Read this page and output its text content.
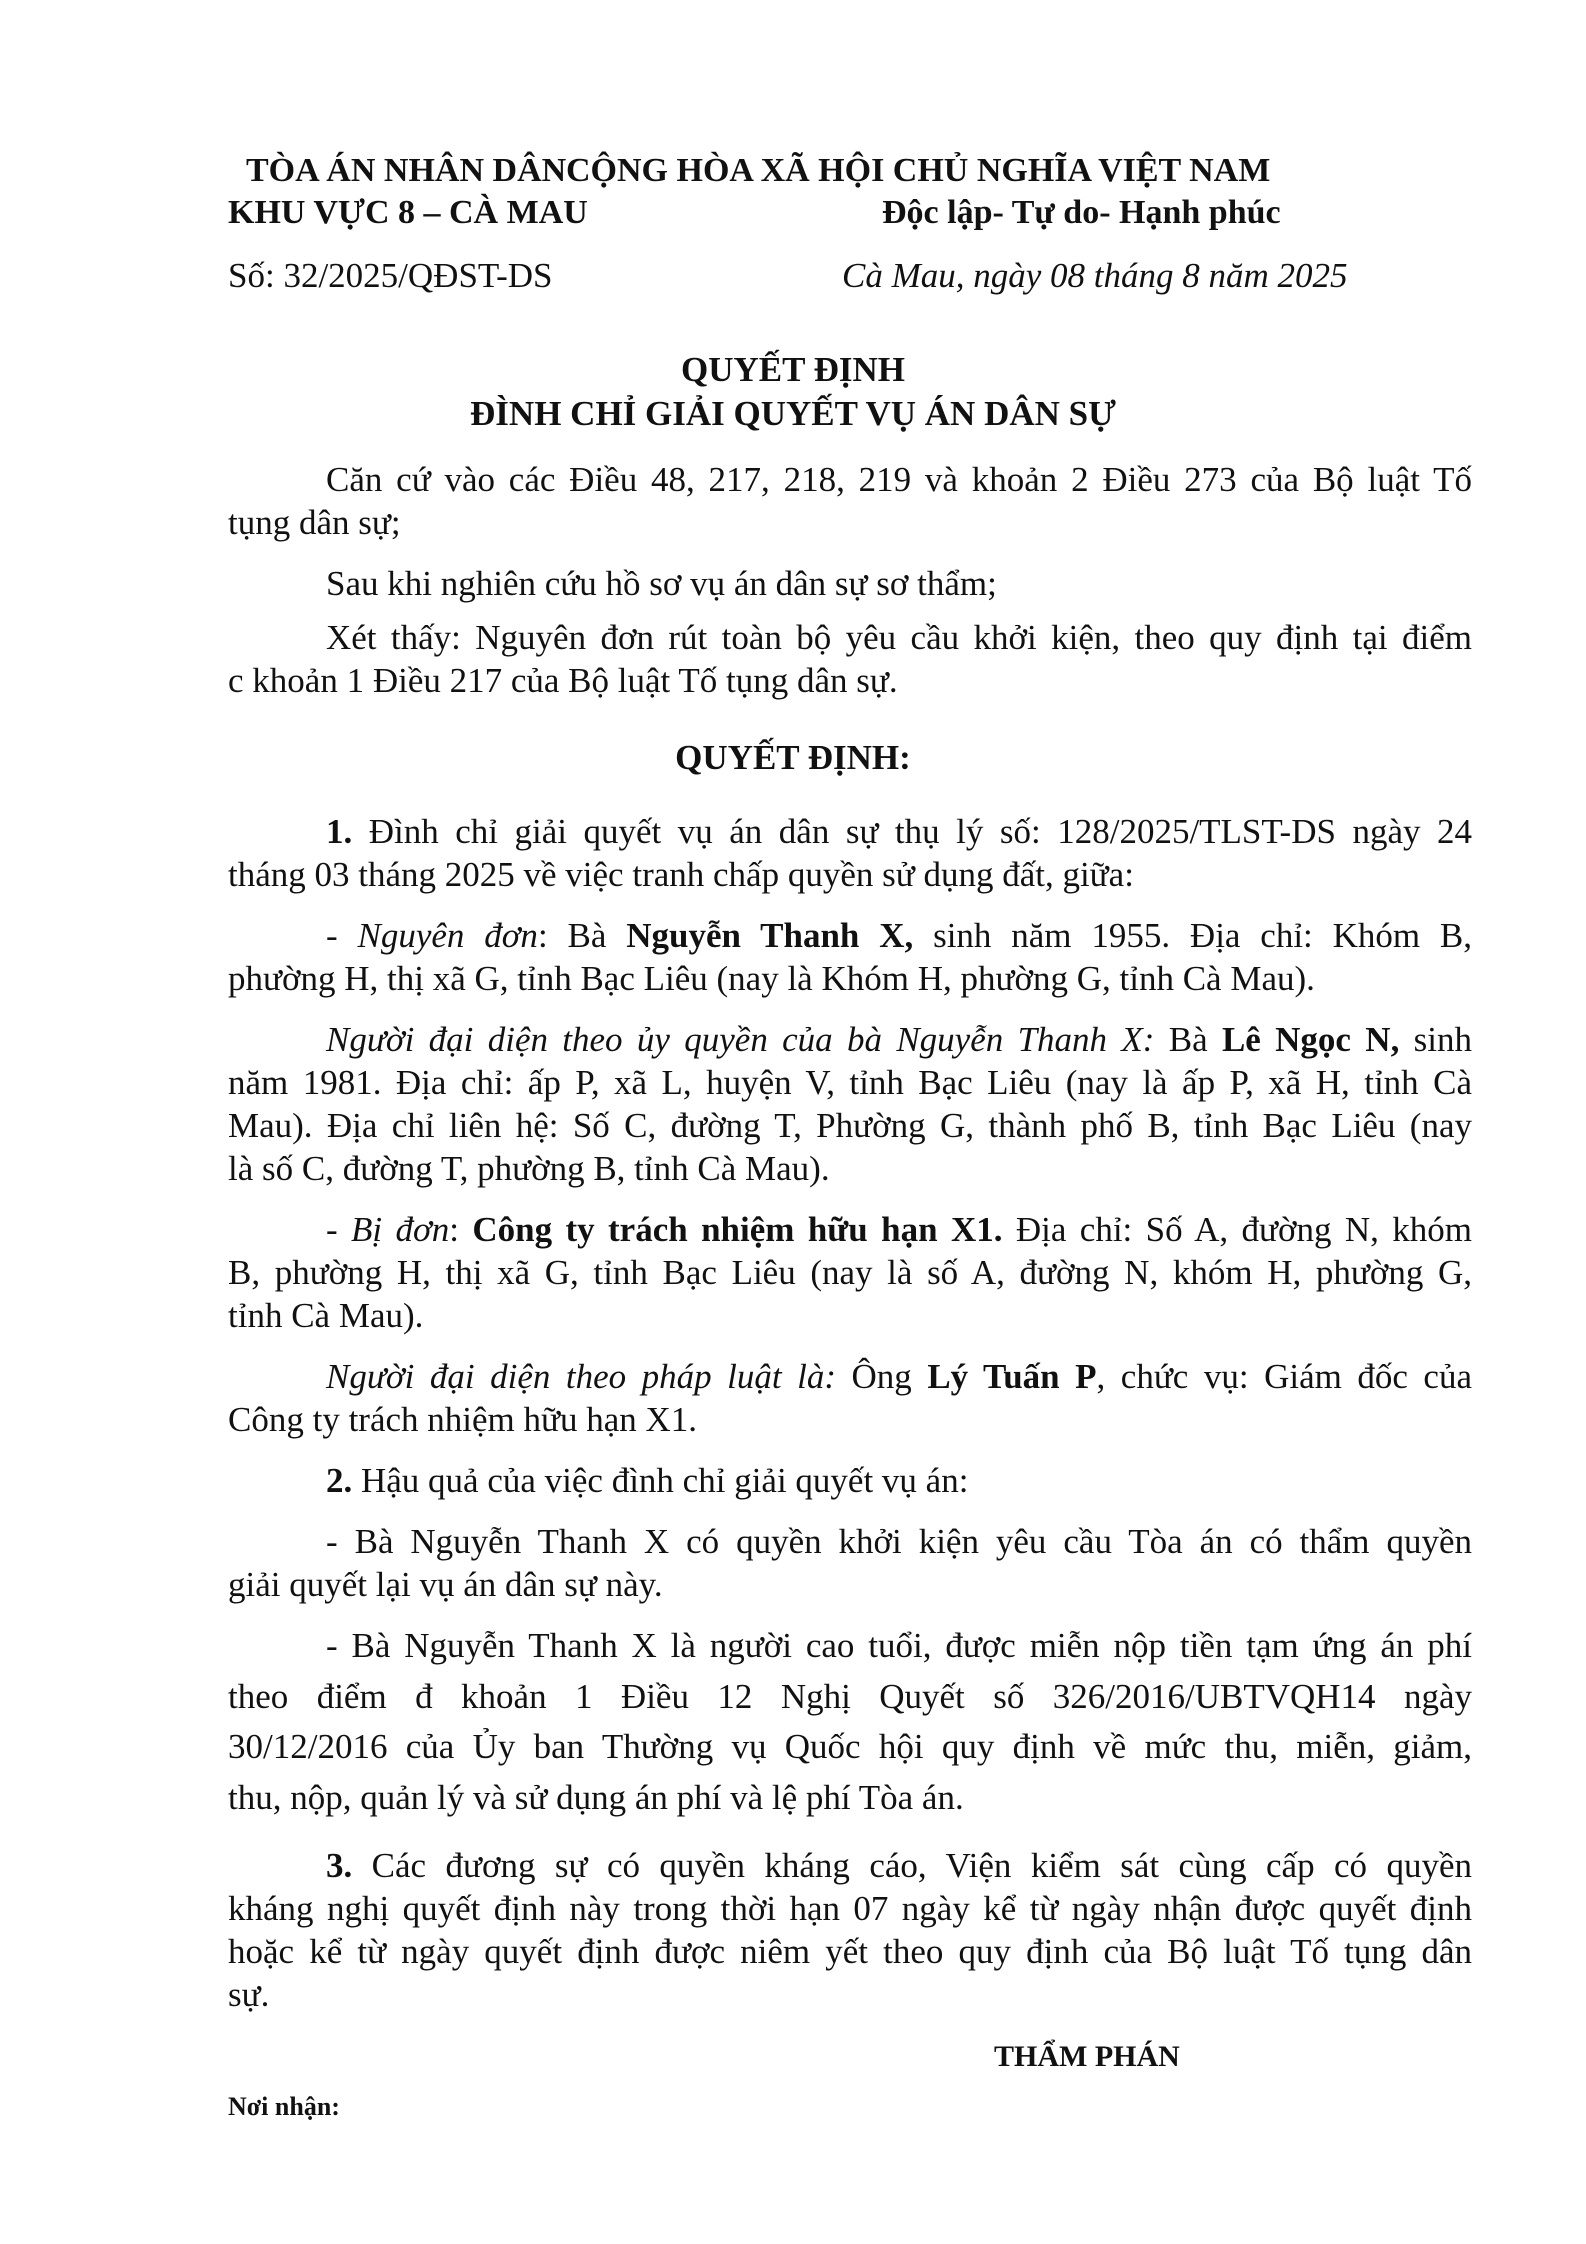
TÒA ÁN NHÂN DÂN
KHU VỰC 8 – CÀ MAU
CỘNG HÒA XÃ HỘI CHỦ NGHĨA VIỆT NAM
Độc lập- Tự do- Hạnh phúc
Số: 32/2025/QĐST-DS	Cà Mau, ngày 08 tháng 8 năm 2025
QUYẾT ĐỊNH
ĐÌNH CHỈ GIẢI QUYẾT VỤ ÁN DÂN SỰ
Căn cứ vào các Điều 48, 217, 218, 219 và khoản 2 Điều 273 của Bộ luật Tố
tụng dân sự;
Sau khi nghiên cứu hồ sơ vụ án dân sự sơ thẩm;
Xét thấy: Nguyên đơn rút toàn bộ yêu cầu khởi kiện, theo quy định tại điểm
c khoản 1 Điều 217 của Bộ luật Tố tụng dân sự.
QUYẾT ĐỊNH:
1. Đình chỉ giải quyết vụ án dân sự thụ lý số: 128/2025/TLST-DS ngày 24
tháng 03 tháng 2025 về việc tranh chấp quyền sử dụng đất, giữa:
- Nguyên đơn: Bà Nguyễn Thanh X, sinh năm 1955. Địa chỉ: Khóm B,
phường H, thị xã G, tỉnh Bạc Liêu (nay là Khóm H, phường G, tỉnh Cà Mau).
Người đại diện theo ủy quyền của bà Nguyễn Thanh X: Bà Lê Ngọc N, sinh
năm 1981. Địa chỉ: ấp P, xã L, huyện V, tỉnh Bạc Liêu (nay là ấp P, xã H, tỉnh Cà
Mau). Địa chỉ liên hệ: Số C, đường T, Phường G, thành phố B, tỉnh Bạc Liêu (nay
là số C, đường T, phường B, tỉnh Cà Mau).
- Bị đơn: Công ty trách nhiệm hữu hạn X1. Địa chỉ: Số A, đường N, khóm
B, phường H, thị xã G, tỉnh Bạc Liêu (nay là số A, đường N, khóm H, phường G,
tỉnh Cà Mau).
Người đại diện theo pháp luật là: Ông Lý Tuấn P, chức vụ: Giám đốc của
Công ty trách nhiệm hữu hạn X1.
2. Hậu quả của việc đình chỉ giải quyết vụ án:
- Bà Nguyễn Thanh X có quyền khởi kiện yêu cầu Tòa án có thẩm quyền
giải quyết lại vụ án dân sự này.
- Bà Nguyễn Thanh X là người cao tuổi, được miễn nộp tiền tạm ứng án phí
theo điểm đ khoản 1 Điều 12 Nghị Quyết số 326/2016/UBTVQH14 ngày
30/12/2016 của Ủy ban Thường vụ Quốc hội quy định về mức thu, miễn, giảm,
thu, nộp, quản lý và sử dụng án phí và lệ phí Tòa án.
3. Các đương sự có quyền kháng cáo, Viện kiểm sát cùng cấp có quyền
kháng nghị quyết định này trong thời hạn 07 ngày kể từ ngày nhận được quyết định
hoặc kể từ ngày quyết định được niêm yết theo quy định của Bộ luật Tố tụng dân
sự.
THẨM PHÁN
Nơi nhận:
